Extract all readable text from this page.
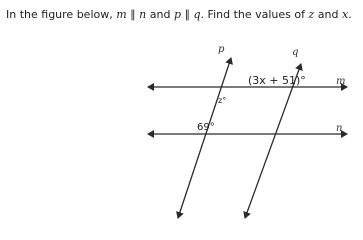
In the figure below, m ∥ n and p ∥ q. Find the values of z and x.
p	q
m
n
(3x + 51)°
z°
69°
